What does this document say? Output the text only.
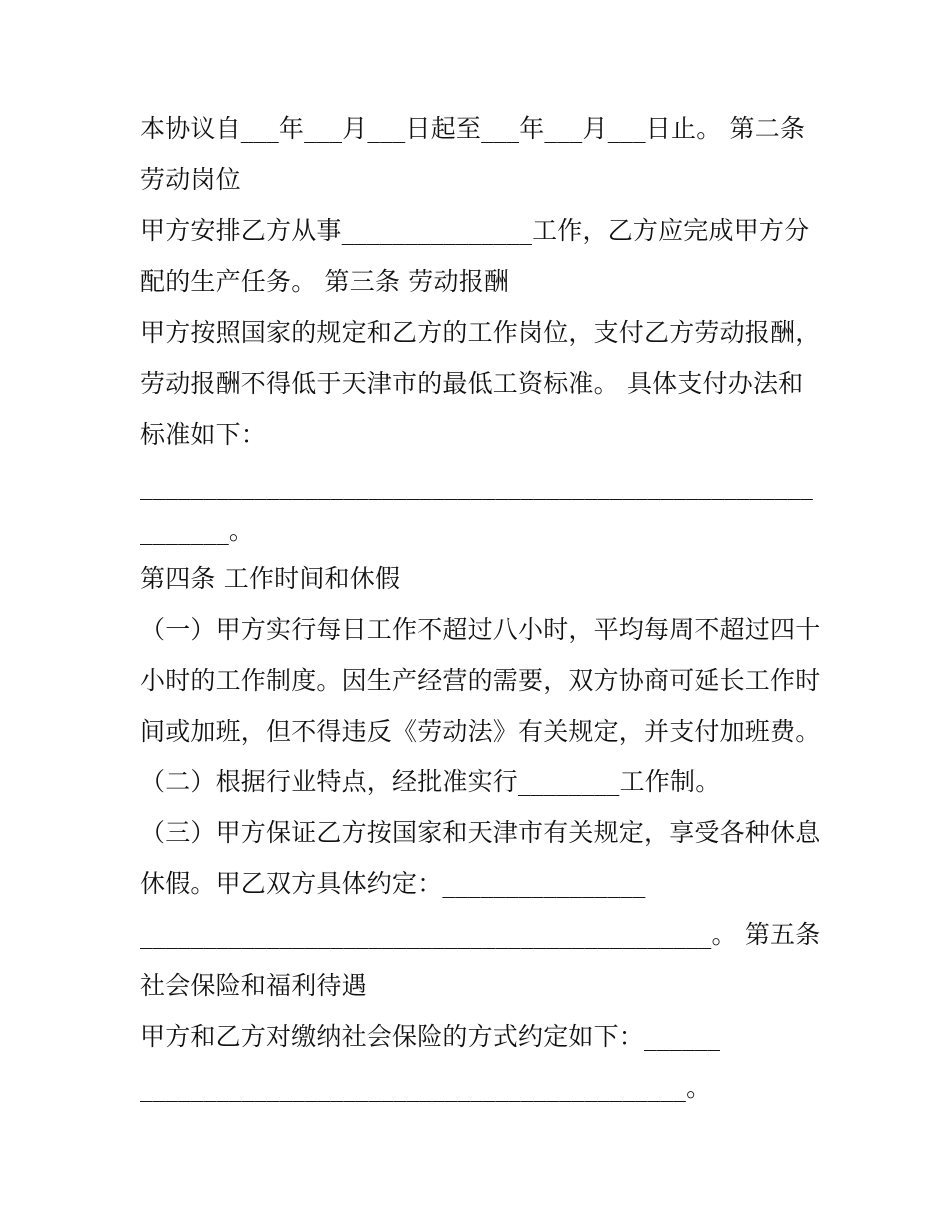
本协议自___年___月___日起至___年___月___日止。 第二条
劳动岗位
甲方安排乙方从事_______________工作，乙方应完成甲方分
配的生产任务。 第三条 劳动报酬
甲方按照国家的规定和乙方的工作岗位，支付乙方劳动报酬，
劳动报酬不得低于天津市的最低工资标准。 具体支付办法和
标准如下：
_____________________________________________________
_______。
第四条 工作时间和休假
（一）甲方实行每日工作不超过八小时，平均每周不超过四十
小时的工作制度。因生产经营的需要，双方协商可延长工作时
间或加班，但不得违反《劳动法》有关规定，并支付加班费。
（二）根据行业特点，经批准实行________工作制。
（三）甲方保证乙方按国家和天津市有关规定，享受各种休息
休假。甲乙双方具体约定：________________
_____________________________________________。 第五条
社会保险和福利待遇
甲方和乙方对缴纳社会保险的方式约定如下：______
___________________________________________。
